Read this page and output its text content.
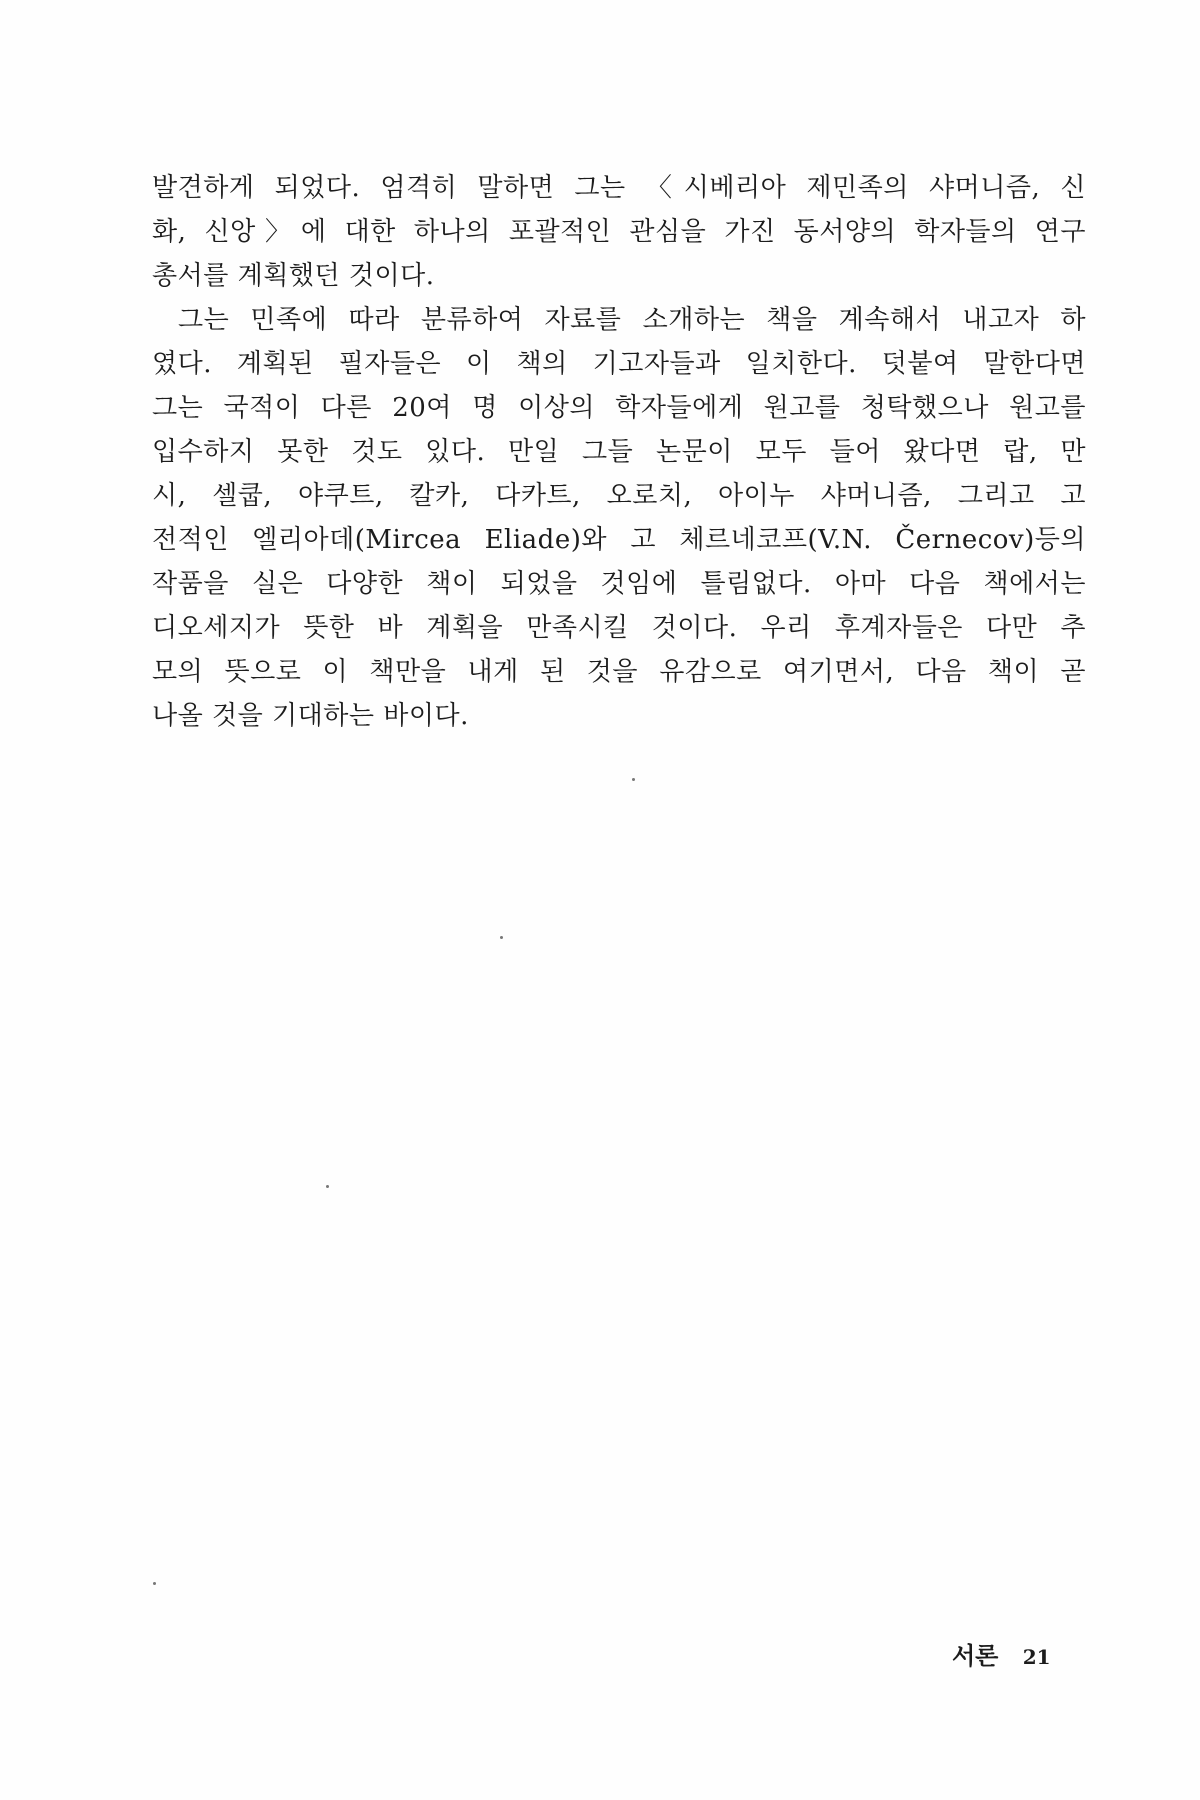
발견하게 되었다. 엄격히 말하면 그는 〈시베리아 제민족의 샤머니즘, 신
화, 신앙〉에 대한 하나의 포괄적인 관심을 가진 동서양의 학자들의 연구
총서를 계획했던 것이다.
그는 민족에 따라 분류하여 자료를 소개하는 책을 계속해서 내고자 하
였다. 계획된 필자들은 이 책의 기고자들과 일치한다. 덧붙여 말한다면
그는 국적이 다른 20여 명 이상의 학자들에게 원고를 청탁했으나 원고를
입수하지 못한 것도 있다. 만일 그들 논문이 모두 들어 왔다면 랍, 만
시, 셀쿱, 야쿠트, 칼카, 다카트, 오로치, 아이누 샤머니즘, 그리고 고
전적인 엘리아데(Mircea Eliade)와 고 체르네코프(V.N. Černecov)등의
작품을 실은 다양한 책이 되었을 것임에 틀림없다. 아마 다음 책에서는
디오세지가 뜻한 바 계획을 만족시킬 것이다. 우리 후계자들은 다만 추
모의 뜻으로 이 책만을 내게 된 것을 유감으로 여기면서, 다음 책이 곧
나올 것을 기대하는 바이다.
서론 21
